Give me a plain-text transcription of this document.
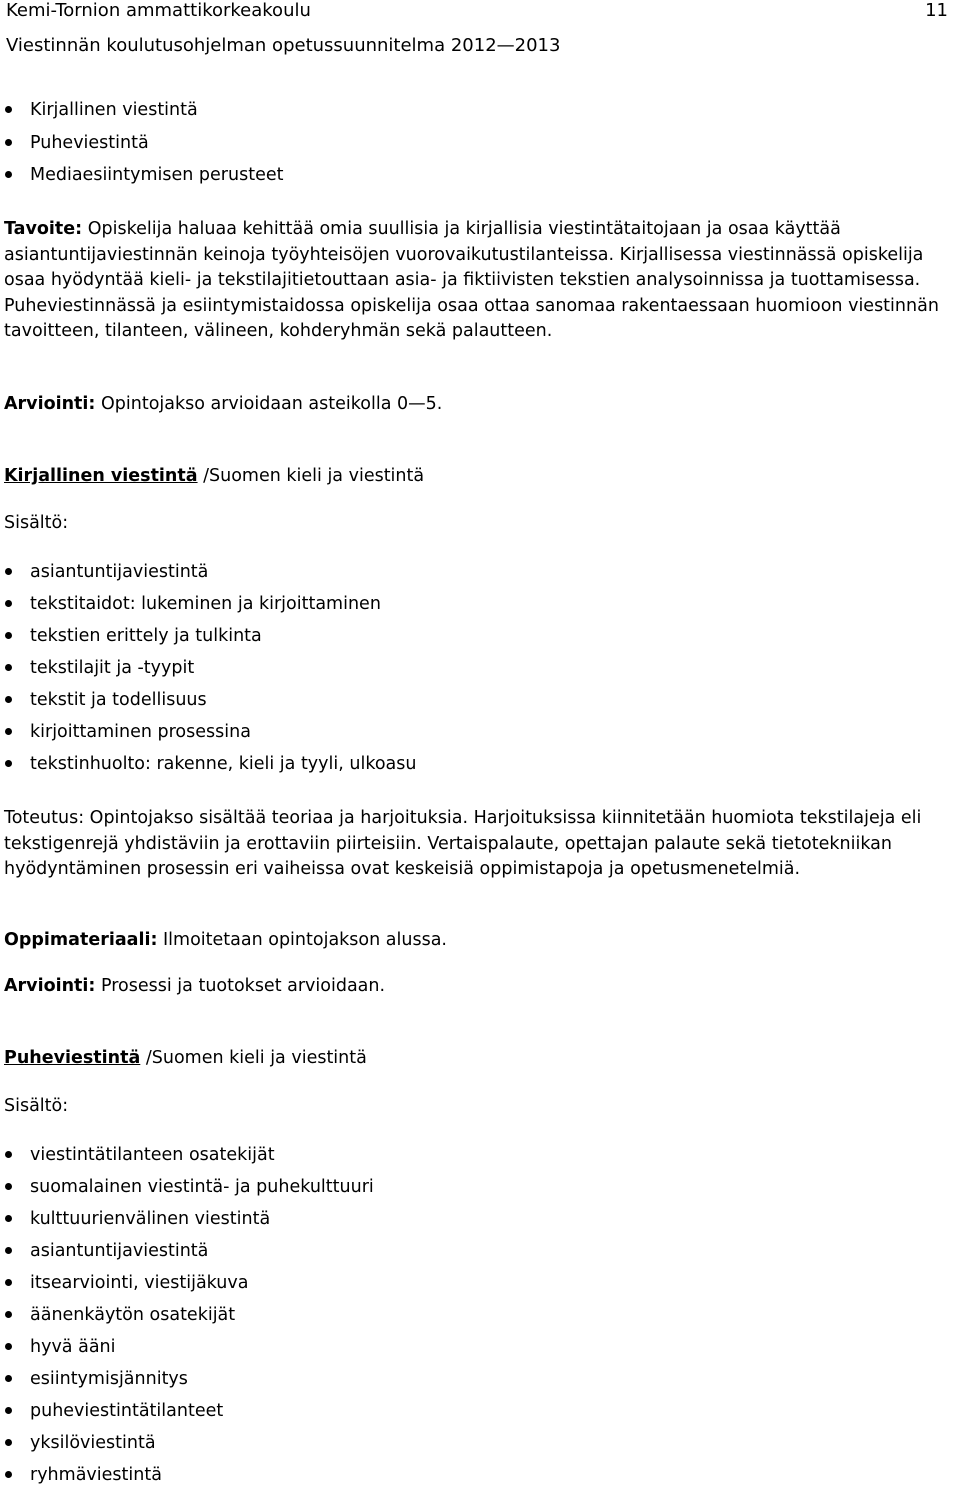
Kemi-Tornion ammattikorkeakoulu	11
Viestinnän koulutusohjelman opetussuunnitelma 2012—2013
Kirjallinen viestintä
Puheviestintä
Mediaesiintymisen perusteet
Tavoite: Opiskelija haluaa kehittää omia suullisia ja kirjallisia viestintätaitojaan ja osaa käyttää asiantuntijaviestinnän keinoja työyhteisöjen vuorovaikutustilanteissa. Kirjallisessa viestinnässä opiskelija osaa hyödyntää kieli- ja tekstilajitietouttaan asia- ja fiktiivisten tekstien analysoinnissa ja tuottamisessa. Puheviestinnässä ja esiintymistaidossa opiskelija osaa ottaa sanomaa rakentaessaan huomioon viestinnän tavoitteen, tilanteen, välineen, kohderyhmän sekä palautteen.
Arviointi: Opintojakso arvioidaan asteikolla 0—5.
Kirjallinen viestintä /Suomen kieli ja viestintä
Sisältö:
asiantuntijaviestintä
tekstitaidot: lukeminen ja kirjoittaminen
tekstien erittely ja tulkinta
tekstilajit ja -tyypit
tekstit ja todellisuus
kirjoittaminen prosessina
tekstinhuolto: rakenne, kieli ja tyyli, ulkoasu
Toteutus: Opintojakso sisältää teoriaa ja harjoituksia. Harjoituksissa kiinnitetään huomiota tekstilajeja eli tekstigenrejä yhdistäviin ja erottaviin piirteisiin. Vertaispalaute, opettajan palaute sekä tietotekniikan hyödyntäminen prosessin eri vaiheissa ovat keskeisiä oppimistapoja ja opetusmenetelmiä.
Oppimateriaali: Ilmoitetaan opintojakson alussa.
Arviointi: Prosessi ja tuotokset arvioidaan.
Puheviestintä /Suomen kieli ja viestintä
Sisältö:
viestintätilanteen osatekijät
suomalainen viestintä- ja puhekulttuuri
kulttuurienvälinen viestintä
asiantuntijaviestintä
itsearviointi, viestijäkuva
äänenkäytön osatekijät
hyvä ääni
esiintymisjännitys
puheviestintätilanteet
yksilöviestintä
ryhmäviestintä
